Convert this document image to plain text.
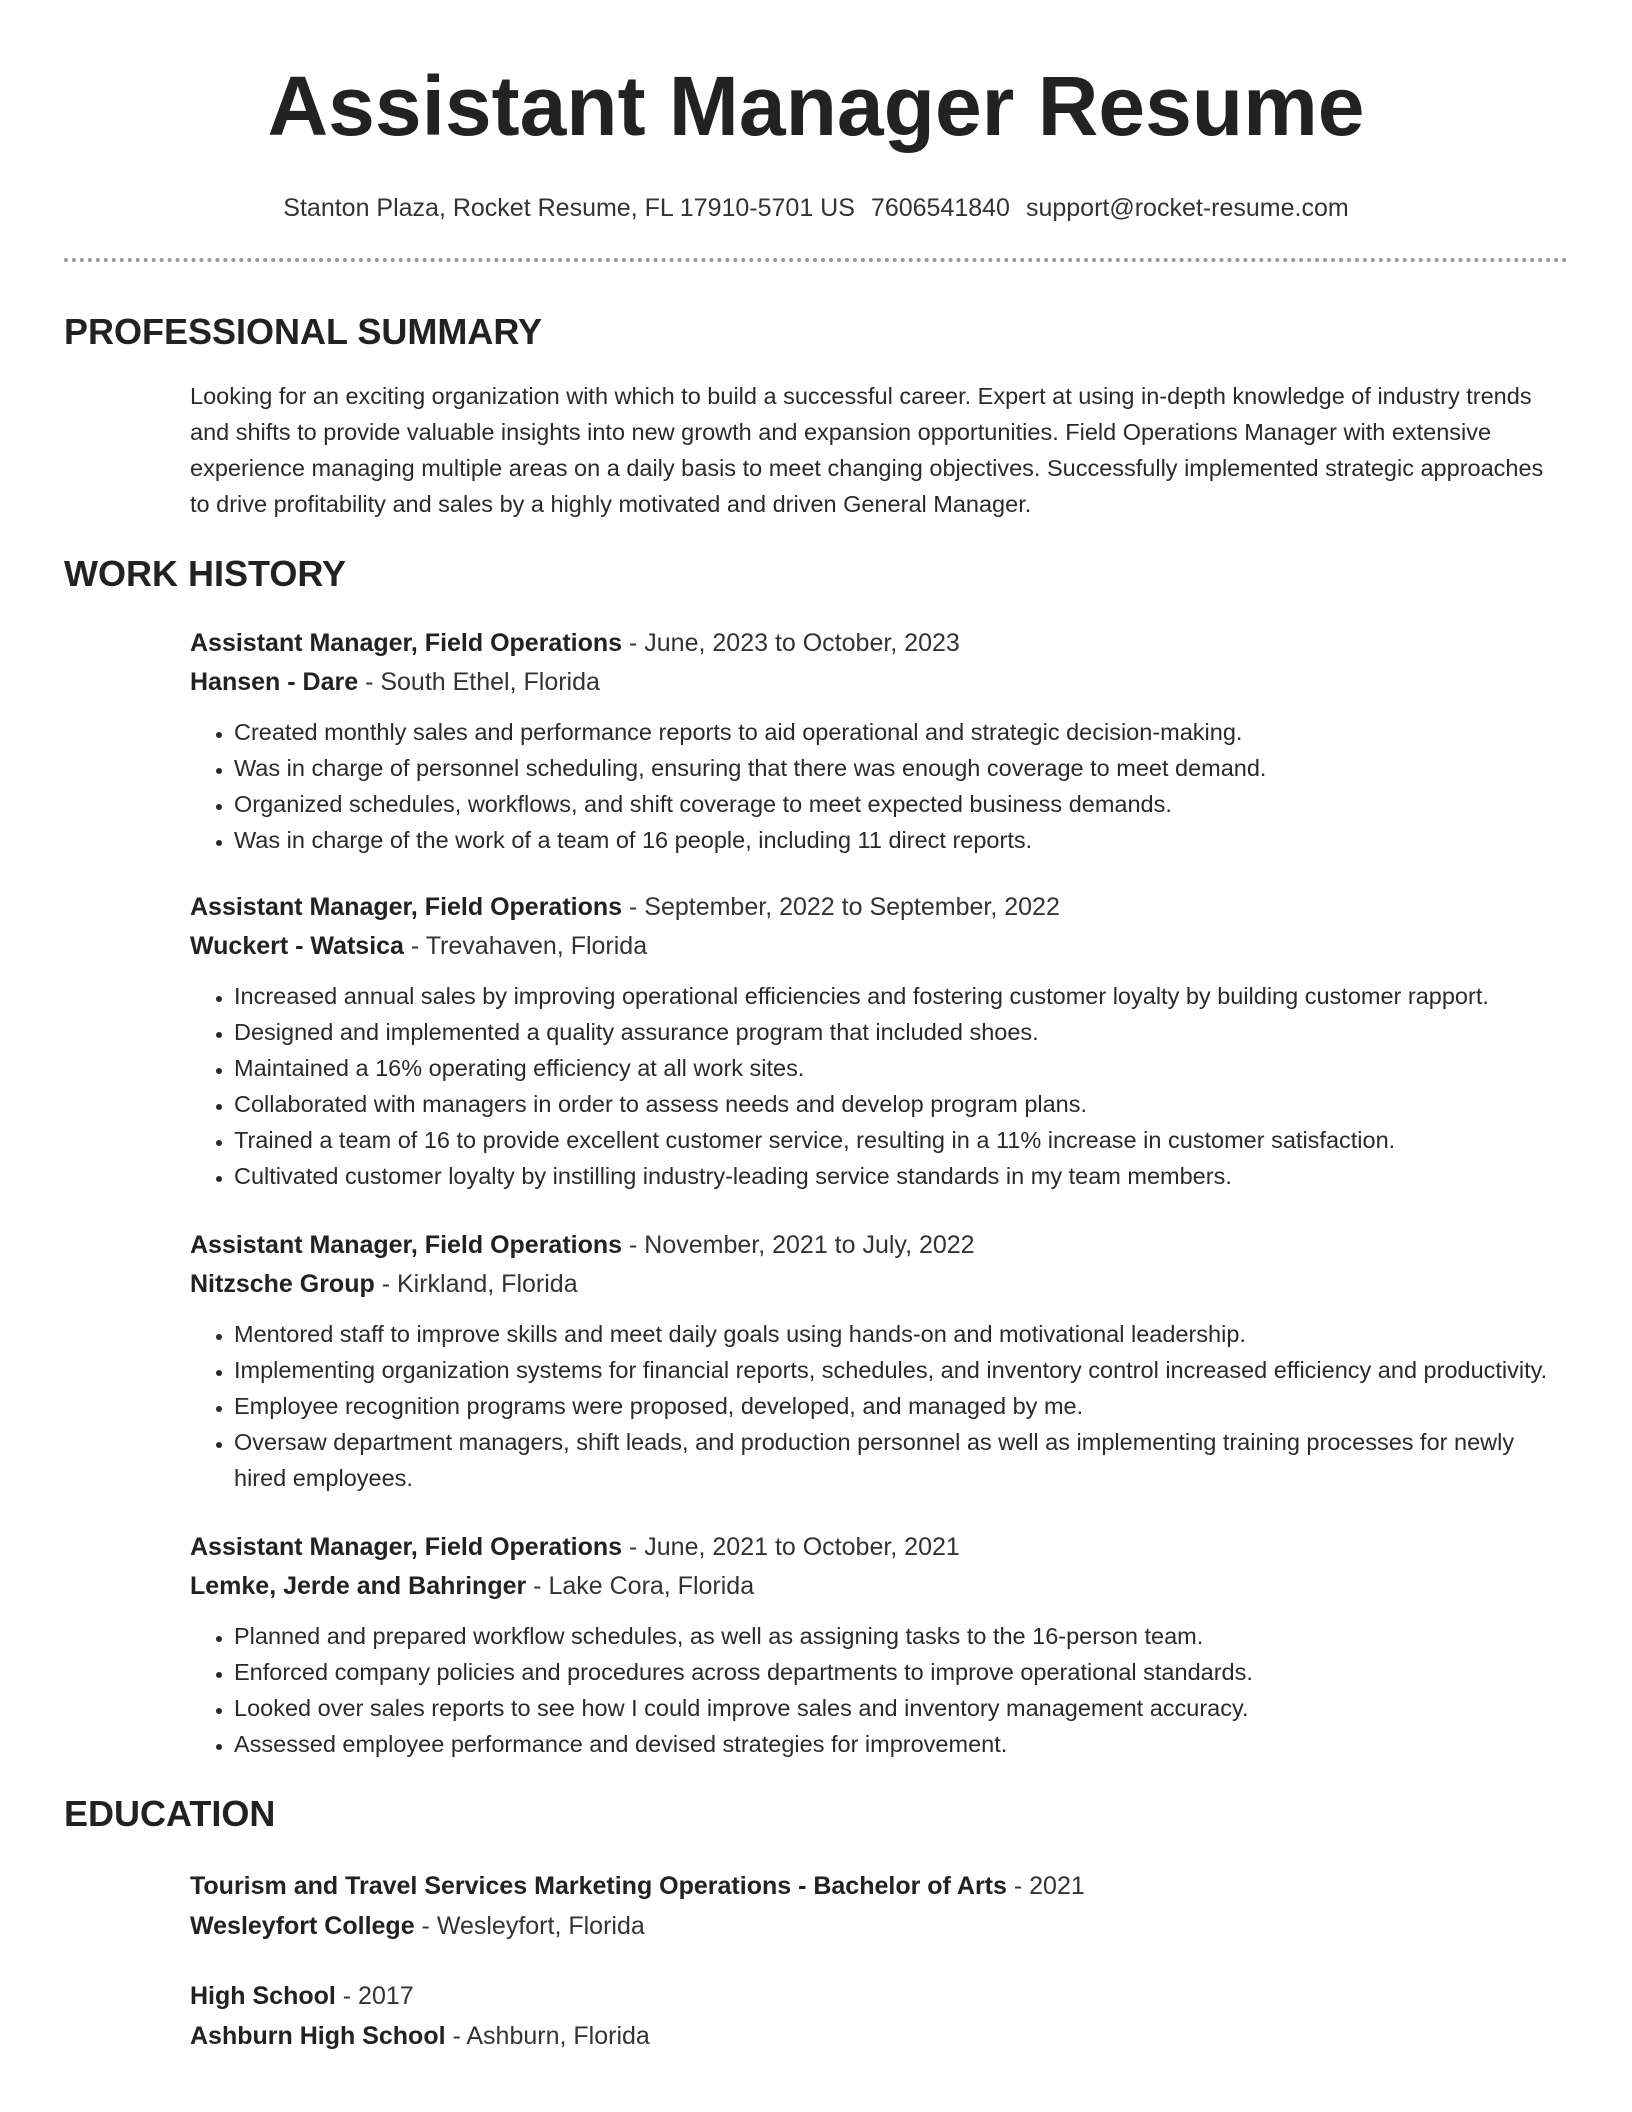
Assistant Manager Resume
Stanton Plaza, Rocket Resume, FL 17910-5701 US 7606541840 support@rocket-resume.com
PROFESSIONAL SUMMARY

Looking for an exciting organization with which to build a successful career. Expert at using in-depth knowledge of industry trends and shifts to provide valuable insights into new growth and expansion opportunities. Field Operations Manager with extensive experience managing multiple areas on a daily basis to meet changing objectives. Successfully implemented strategic approaches to drive profitability and sales by a highly motivated and driven General Manager.

WORK HISTORY
Assistant Manager, Field Operations - June, 2023 to October, 2023
Hansen - Dare - South Ethel, Florida
• Created monthly sales and performance reports to aid operational and strategic decision-making.
• Was in charge of personnel scheduling, ensuring that there was enough coverage to meet demand.
• Organized schedules, workflows, and shift coverage to meet expected business demands.
• Was in charge of the work of a team of 16 people, including 11 direct reports.
Assistant Manager, Field Operations - September, 2022 to September, 2022
Wuckert - Watsica - Trevahaven, Florida
• Increased annual sales by improving operational efficiencies and fostering customer loyalty by building customer rapport.
• Designed and implemented a quality assurance program that included shoes.
• Maintained a 16% operating efficiency at all work sites.
• Collaborated with managers in order to assess needs and develop program plans.
• Trained a team of 16 to provide excellent customer service, resulting in a 11% increase in customer satisfaction.
• Cultivated customer loyalty by instilling industry-leading service standards in my team members.
Assistant Manager, Field Operations - November, 2021 to July, 2022
Nitzsche Group - Kirkland, Florida
• Mentored staff to improve skills and meet daily goals using hands-on and motivational leadership.
• Implementing organization systems for financial reports, schedules, and inventory control increased efficiency and productivity.
• Employee recognition programs were proposed, developed, and managed by me.
• Oversaw department managers, shift leads, and production personnel as well as implementing training processes for newly hired employees.
Assistant Manager, Field Operations - June, 2021 to October, 2021
Lemke, Jerde and Bahringer - Lake Cora, Florida
• Planned and prepared workflow schedules, as well as assigning tasks to the 16-person team.
• Enforced company policies and procedures across departments to improve operational standards.
• Looked over sales reports to see how I could improve sales and inventory management accuracy.
• Assessed employee performance and devised strategies for improvement.
EDUCATION
Tourism and Travel Services Marketing Operations - Bachelor of Arts - 2021
Wesleyfort College - Wesleyfort, Florida
High School - 2017
Ashburn High School - Ashburn, Florida
